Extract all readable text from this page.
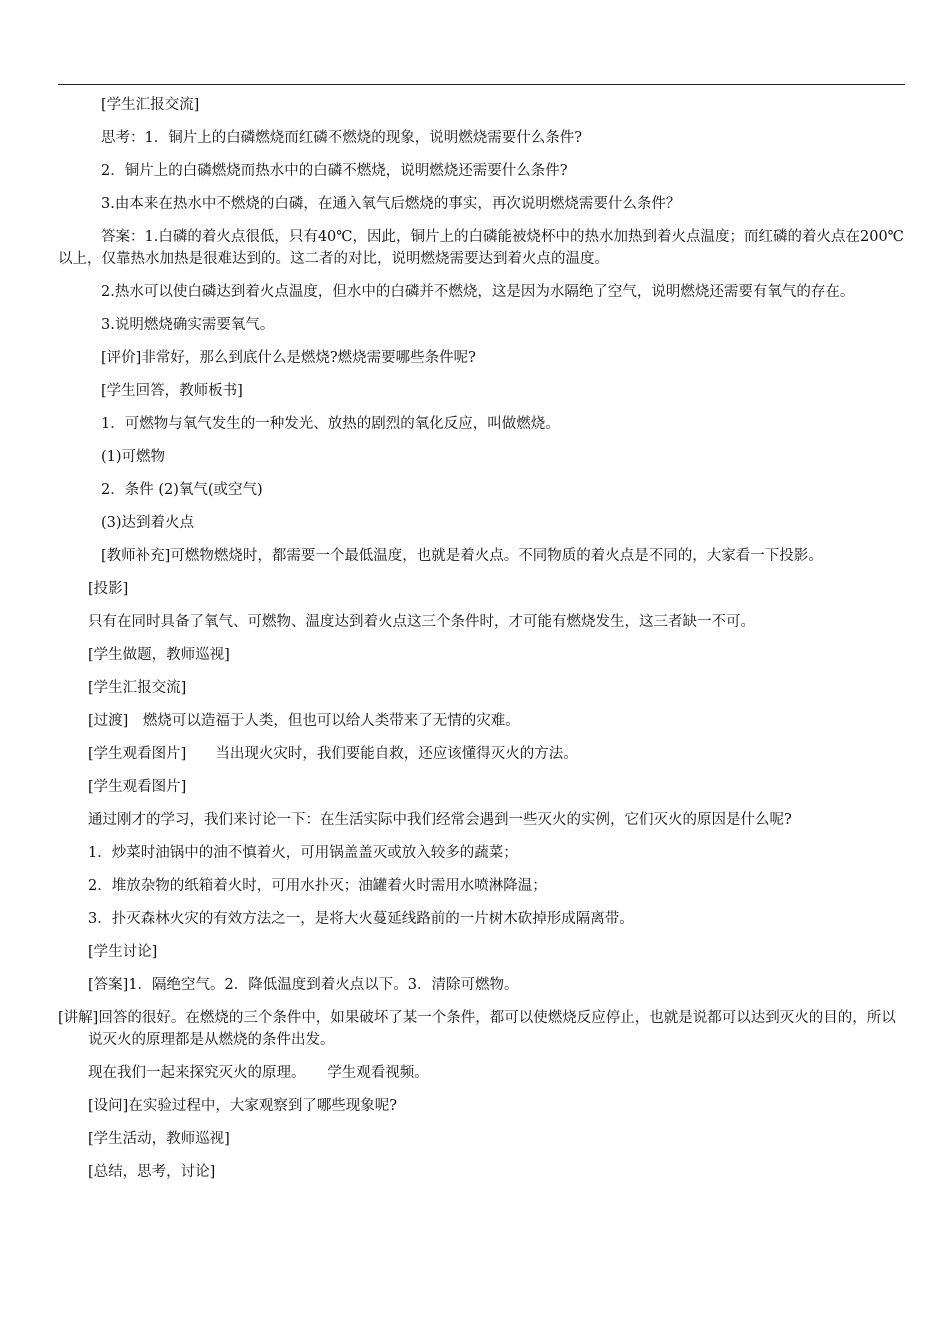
[学生汇报交流]

思考：1．铜片上的白磷燃烧而红磷不燃烧的现象，说明燃烧需要什么条件?

2．铜片上的白磷燃烧而热水中的白磷不燃烧，说明燃烧还需要什么条件?

3.由本来在热水中不燃烧的白磷，在通入氧气后燃烧的事实，再次说明燃烧需要什么条件？

答案：1.白磷的着火点很低，只有40℃，因此，铜片上的白磷能被烧杯中的热水加热到着火点温度；而红磷的着火点在200℃以上，仅靠热水加热是很难达到的。这二者的对比，说明燃烧需要达到着火点的温度。

2.热水可以使白磷达到着火点温度，但水中的白磷并不燃烧，这是因为水隔绝了空气，说明燃烧还需要有氧气的存在。

3.说明燃烧确实需要氧气。

[评价]非常好，那么到底什么是燃烧?燃烧需要哪些条件呢?

[学生回答，教师板书]

1．可燃物与氧气发生的一种发光、放热的剧烈的氧化反应，叫做燃烧。

(1)可燃物

2．条件 (2)氧气(或空气)

(3)达到着火点

[教师补充]可燃物燃烧时，都需要一个最低温度，也就是着火点。不同物质的着火点是不同的，大家看一下投影。

[投影]

只有在同时具备了氧气、可燃物、温度达到着火点这三个条件时，才可能有燃烧发生，这三者缺一不可。

[学生做题，教师巡视]

[学生汇报交流]

[过渡]　燃烧可以造福于人类，但也可以给人类带来了无情的灾难。

[学生观看图片]　　当出现火灾时，我们要能自救，还应该懂得灭火的方法。

[学生观看图片]

通过刚才的学习，我们来讨论一下：在生活实际中我们经常会遇到一些灭火的实例，它们灭火的原因是什么呢?

1．炒菜时油锅中的油不慎着火，可用锅盖盖灭或放入较多的蔬菜；

2．堆放杂物的纸箱着火时，可用水扑灭；油罐着火时需用水喷淋降温；

3．扑灭森林火灾的有效方法之一，是将大火蔓延线路前的一片树木砍掉形成隔离带。

[学生讨论]

[答案]1．隔绝空气。2．降低温度到着火点以下。3．清除可燃物。

[讲解]回答的很好。在燃烧的三个条件中，如果破坏了某一个条件，都可以使燃烧反应停止，也就是说都可以达到灭火的目的，所以说灭火的原理都是从燃烧的条件出发。

现在我们一起来探究灭火的原理。　　学生观看视频。

[设问]在实验过程中，大家观察到了哪些现象呢?

[学生活动，教师巡视]

[总结，思考，讨论]
